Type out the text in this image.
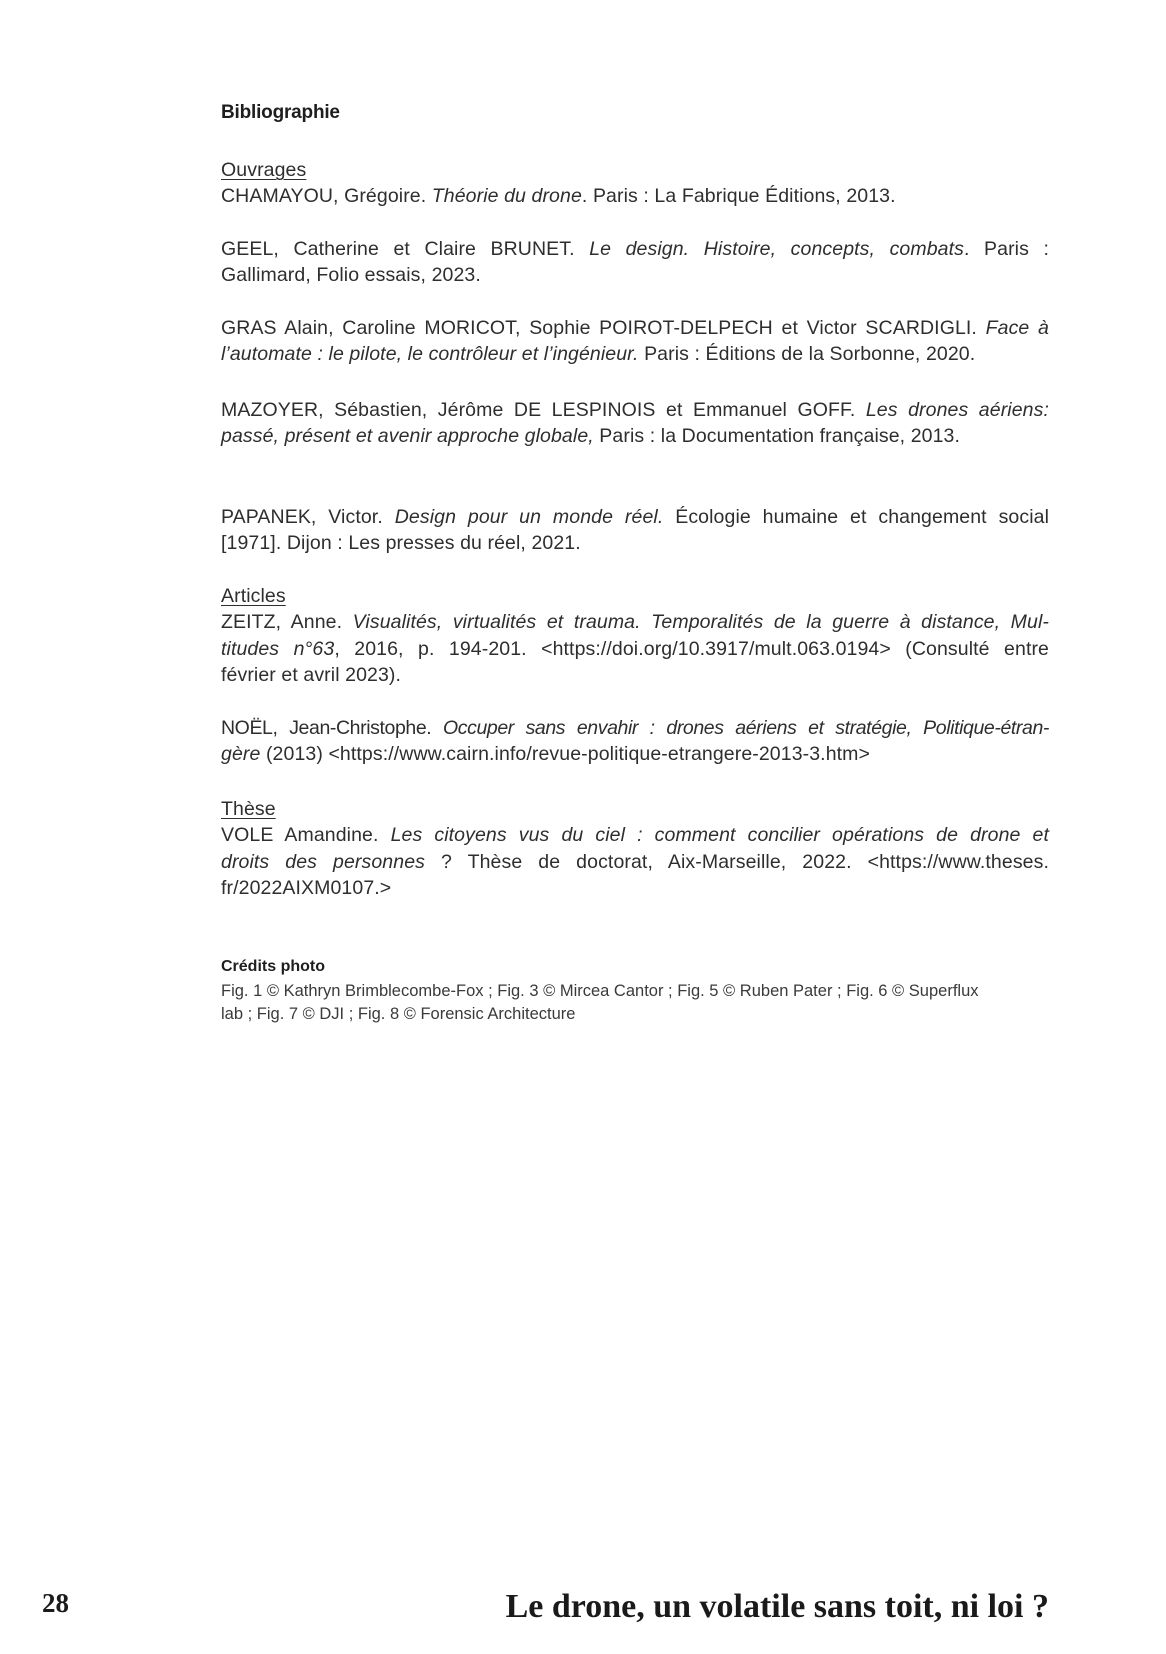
Bibliographie
Ouvrages
CHAMAYOU, Grégoire. Théorie du drone. Paris : La Fabrique Éditions, 2013.
GEEL, Catherine et Claire BRUNET. Le design. Histoire, concepts, combats. Paris :
Gallimard, Folio essais, 2023.
GRAS Alain, Caroline MORICOT, Sophie POIROT-DELPECH et Victor SCARDIGLI. Face à
l’automate : le pilote, le contrôleur et l’ingénieur. Paris : Éditions de la Sorbonne, 2020.
MAZOYER, Sébastien, Jérôme DE LESPINOIS et Emmanuel GOFF. Les drones aériens:
passé, présent et avenir approche globale, Paris : la Documentation française, 2013.
PAPANEK, Victor. Design pour un monde réel. Écologie humaine et changement social
[1971]. Dijon : Les presses du réel, 2021.
Articles
ZEITZ, Anne. Visualités, virtualités et trauma. Temporalités de la guerre à distance, Mul-
titudes n°63, 2016, p. 194-201. <https://doi.org/10.3917/mult.063.0194> (Consulté entre
février et avril 2023).
NOËL, Jean-Christophe. Occuper sans envahir : drones aériens et stratégie, Politique-étran-
gère (2013) <https://www.cairn.info/revue-politique-etrangere-2013-3.htm>
Thèse
VOLE Amandine. Les citoyens vus du ciel : comment concilier opérations de drone et
droits des personnes ? Thèse de doctorat, Aix-Marseille, 2022. <https://www.theses.
fr/2022AIXM0107.>
Crédits photo
Fig. 1 © Kathryn Brimblecombe-Fox ; Fig. 3 © Mircea Cantor ; Fig. 5 © Ruben Pater ; Fig. 6 © Superflux
lab ; Fig. 7 © DJI ; Fig. 8 © Forensic Architecture
28	Le drone, un volatile sans toit, ni loi ?
